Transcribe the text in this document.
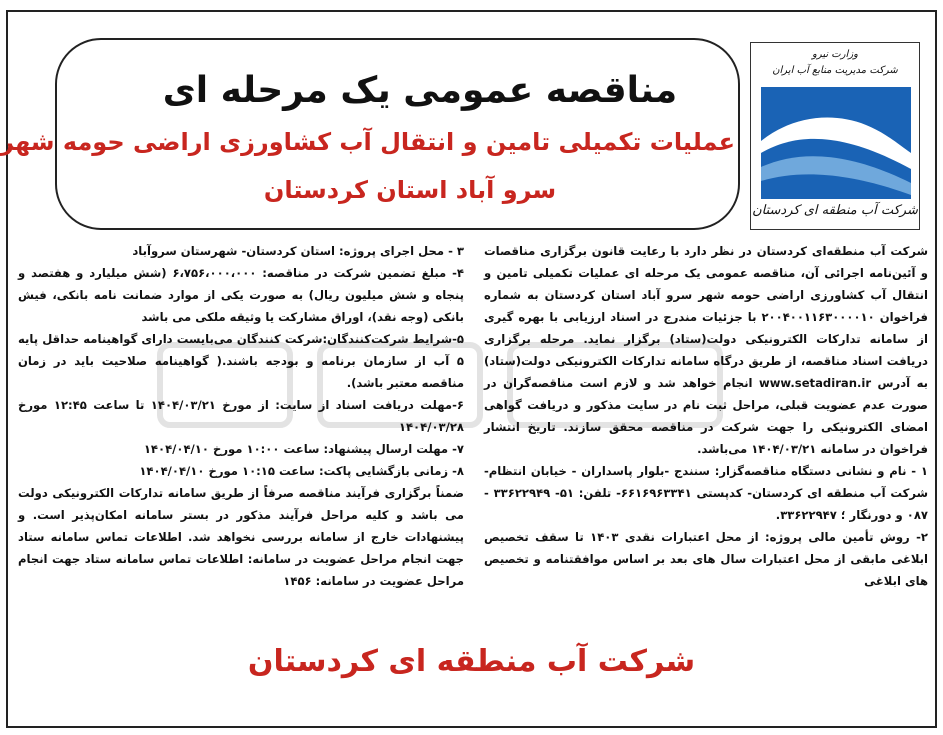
مناقصه عمومی یک مرحله ای
عملیات تکمیلی تامین و انتقال آب کشاورزی اراضی حومه شهر
سرو آباد استان کردستان
وزارت نیرو
شرکت مدیریت منابع آب ایران
شرکت آب منطقه ای کردستان

شرکت آب منطقه‌ای کردستان در نظر دارد با رعایت قانون برگزاری مناقصات و آئین‌نامه اجرائی آن، مناقصه عمومی یک مرحله ای عملیات تکمیلی تامین و انتقال آب کشاورزی اراضی حومه شهر سرو آباد استان کردستان به شماره فراخوان ۲۰۰۴۰۰۱۱۶۳۰۰۰۰۱۰ با جزئیات مندرج در اسناد ارزیابی با بهره گیری از سامانه تدارکات الکترونیکی دولت(ستاد) برگزار نماید. مرحله برگزاری دریافت اسناد مناقصه، از طریق درگاه سامانه تدارکات الکترونیکی دولت(ستاد) به آدرس www.setadiran.ir انجام خواهد شد و لازم است مناقصه‌گران در صورت عدم عضویت قبلی، مراحل ثبت نام در سایت مذکور و دریافت گواهی امضای الکترونیکی را جهت شرکت در مناقصه محقق سازند. تاریخ انتشار فراخوان در سامانه ۱۴۰۴/۰۳/۲۱ می‌باشد.

۱ - نام و نشانی دستگاه مناقصه‌گزار: سنندج -بلوار پاسداران - خیابان انتظام- شرکت آب منطقه ای کردستان- کدپستی ۶۶۱۶۹۶۳۳۴۱- تلفن: ۵۱- ۳۳۶۲۲۹۴۹ - ۰۸۷ و دورنگار ؛ ۳۳۶۲۲۹۴۷.

۲- روش تأمین مالی پروژه: از محل اعتبارات نقدی ۱۴۰۳ تا سقف تخصیص ابلاغی مابقی از محل اعتبارات سال های بعد بر اساس موافقتنامه و تخصیص های ابلاغی

۳ - محل اجرای پروژه: استان کردستان- شهرستان سروآباد

۴- مبلغ تضمین شرکت در مناقصه: ۶،۷۵۶،۰۰۰،۰۰۰ (شش میلیارد و هفتصد و پنجاه و شش میلیون ریال) به صورت یکی از موارد ضمانت نامه بانکی، فیش بانکی (وجه نقد)، اوراق مشارکت یا وثیقه ملکی می باشد

۵-شرایط شرکت‌کنندگان:شرکت کنندگان می‌بایست دارای گواهینامه حداقل پایه ۵ آب از سازمان برنامه و بودجه باشند.( گواهینامه صلاحیت باید در زمان مناقصه معتبر باشد).

۶-مهلت دریافت اسناد از سایت: از مورخ ۱۴۰۴/۰۳/۲۱ تا ساعت ۱۲:۴۵ مورخ ۱۴۰۴/۰۳/۲۸

۷- مهلت ارسال پیشنهاد: ساعت ۱۰:۰۰ مورخ ۱۴۰۴/۰۴/۱۰

۸- زمانی بازگشایی پاکت: ساعت ۱۰:۱۵ مورخ ۱۴۰۴/۰۴/۱۰

ضمناً برگزاری فرآیند مناقصه صرفاً از طریق سامانه تدارکات الکترونیکی دولت می باشد و کلیه مراحل فرآیند مذکور در بستر سامانه امکان‌پذیر است. و پیشنهادات خارج از سامانه بررسی نخواهد شد. اطلاعات تماس سامانه ستاد جهت انجام مراحل عضویت در سامانه: اطلاعات تماس سامانه ستاد جهت انجام مراحل عضویت در سامانه: ۱۴۵۶

شرکت آب منطقه ای کردستان
